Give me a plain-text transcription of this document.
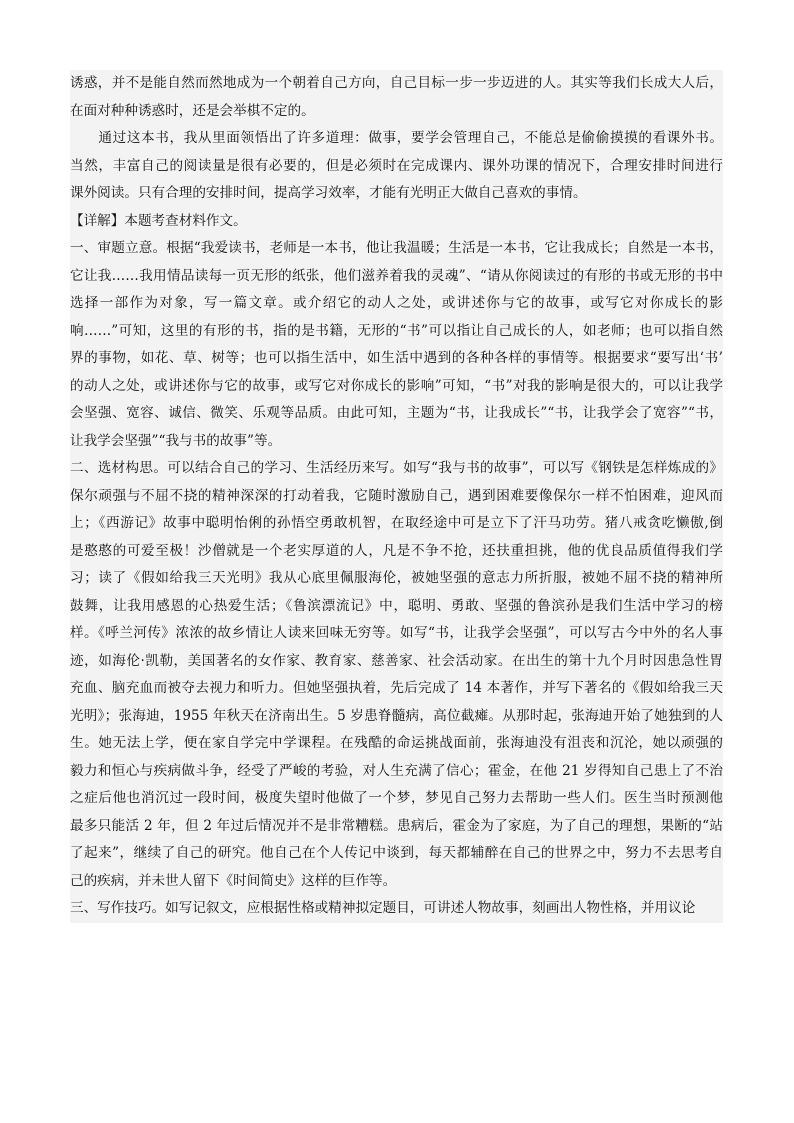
诱惑，并不是能自然而然地成为一个朝着自己方向，自己目标一步一步迈进的人。其实等我们长成大人后，
在面对种种诱惑时，还是会举棋不定的。
　　通过这本书，我从里面领悟出了许多道理：做事，要学会管理自己，不能总是偷偷摸摸的看课外书。
当然，丰富自己的阅读量是很有必要的，但是必须时在完成课内、课外功课的情况下，合理安排时间进行
课外阅读。只有合理的安排时间，提高学习效率，才能有光明正大做自己喜欢的事情。
【详解】本题考查材料作文。
一、审题立意。根据“我爱读书，老师是一本书，他让我温暖；生活是一本书，它让我成长；自然是一本书，
它让我……我用情品读每一页无形的纸张，他们滋养着我的灵魂”、“请从你阅读过的有形的书或无形的书中
选择一部作为对象，写一篇文章。或介绍它的动人之处，或讲述你与它的故事，或写它对你成长的影
响……”可知，这里的有形的书，指的是书籍，无形的“书”可以指让自己成长的人，如老师；也可以指自然
界的事物，如花、草、树等；也可以指生活中，如生活中遇到的各种各样的事情等。根据要求“要写出‘书’
的动人之处，或讲述你与它的故事，或写它对你成长的影响”可知，“书”对我的影响是很大的，可以让我学
会坚强、宽容、诚信、微笑、乐观等品质。由此可知，主题为“书，让我成长”“书，让我学会了宽容”“书，
让我学会坚强”“我与书的故事”等。
二、选材构思。可以结合自己的学习、生活经历来写。如写“我与书的故事”，可以写《钢铁是怎样炼成的》
保尔顽强与不屈不挠的精神深深的打动着我，它随时激励自己，遇到困难要像保尔一样不怕困难，迎风而
上；《西游记》故事中聪明怡俐的孙悟空勇敢机智，在取经途中可是立下了汗马功劳。猪八戒贪吃懒傲,倒
是憨憨的可爱至极！沙僧就是一个老实厚道的人，凡是不争不抢，还扶重担挑，他的优良品质值得我们学
习；读了《假如给我三天光明》我从心底里佩服海伦，被她坚强的意志力所折服，被她不屈不挠的精神所
鼓舞，让我用感恩的心热爱生活；《鲁滨漂流记》中，聪明、勇敢、坚强的鲁滨孙是我们生活中学习的榜
样。《呼兰河传》浓浓的故乡情让人读来回味无穷等。如写“书，让我学会坚强”，可以写古今中外的名人事
迹，如海伦·凯勒，美国著名的女作家、教育家、慈善家、社会活动家。在出生的第十九个月时因患急性胃
充血、脑充血而被夺去视力和听力。但她坚强执着，先后完成了 14 本著作，并写下著名的《假如给我三天
光明》；张海迪，1955 年秋天在济南出生。5 岁患脊髓病，高位截瘫。从那时起，张海迪开始了她独到的人
生。她无法上学，便在家自学完中学课程。在残酷的命运挑战面前，张海迪没有沮丧和沉沦，她以顽强的
毅力和恒心与疾病做斗争，经受了严峻的考验，对人生充满了信心；霍金，在他 21 岁得知自己患上了不治
之症后他也消沉过一段时间，极度失望时他做了一个梦，梦见自己努力去帮助一些人们。医生当时预测他
最多只能活 2 年，但 2 年过后情况并不是非常糟糕。患病后，霍金为了家庭，为了自己的理想，果断的“站
了起来”，继续了自己的研究。他自己在个人传记中谈到，每天都辅醉在自己的世界之中，努力不去思考自
己的疾病，并未世人留下《时间简史》这样的巨作等。
三、写作技巧。如写记叙文，应根据性格或精神拟定题目，可讲述人物故事，刻画出人物性格，并用议论
